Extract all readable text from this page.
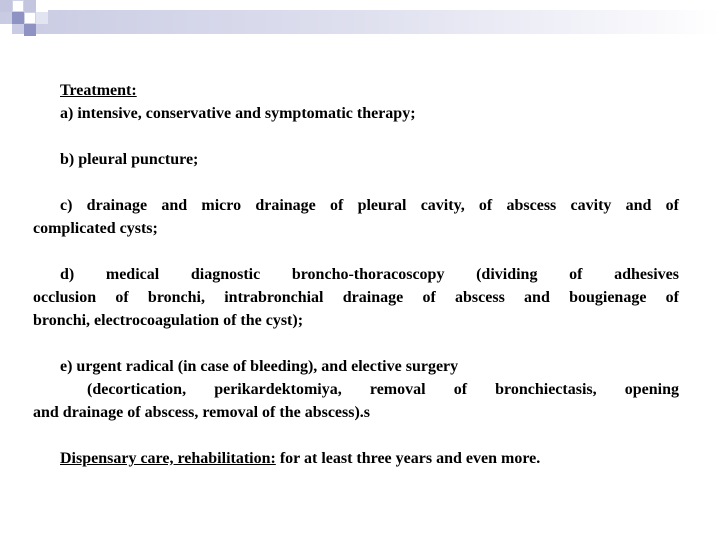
Treatment:

a) intensive, conservative and symptomatic therapy;

b) pleural puncture;

c) drainage and micro drainage of pleural cavity, of abscess cavity and of

complicated cysts;

d) medical diagnostic broncho-thoracoscopy (dividing of adhesives

occlusion of bronchi, intrabronchial drainage of abscess and bougienage of

bronchi, electrocoagulation of the cyst);

e) urgent radical (in case of bleeding), and elective surgery

(decortication, perikardektomiya, removal of bronchiectasis, opening

and drainage of abscess, removal of the abscess).s

Dispensary care, rehabilitation: for at least three years and even more.
